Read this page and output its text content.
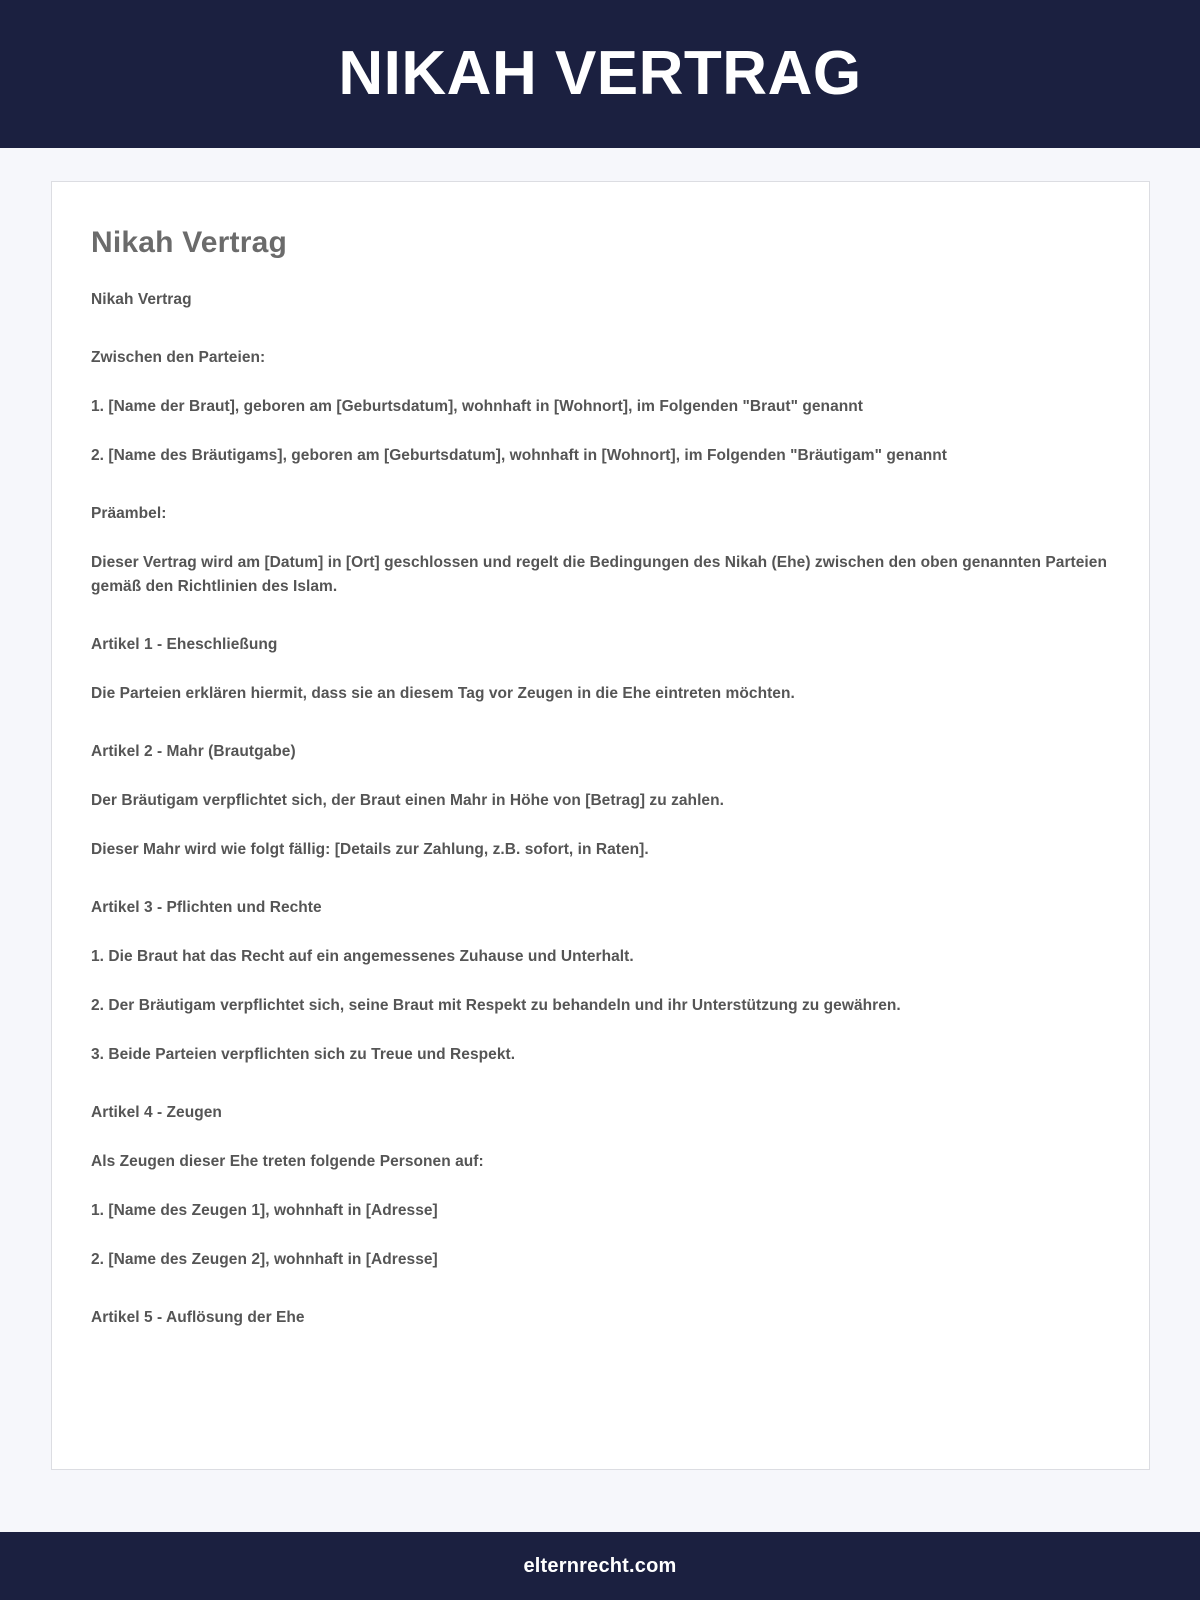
NIKAH VERTRAG
Nikah Vertrag

Nikah Vertrag

Zwischen den Parteien:

1. [Name der Braut], geboren am [Geburtsdatum], wohnhaft in [Wohnort], im Folgenden "Braut" genannt

2. [Name des Bräutigams], geboren am [Geburtsdatum], wohnhaft in [Wohnort], im Folgenden "Bräutigam" genannt

Präambel:

Dieser Vertrag wird am [Datum] in [Ort] geschlossen und regelt die Bedingungen des Nikah (Ehe) zwischen den oben genannten Parteien gemäß den Richtlinien des Islam.

Artikel 1 - Eheschließung

Die Parteien erklären hiermit, dass sie an diesem Tag vor Zeugen in die Ehe eintreten möchten.

Artikel 2 - Mahr (Brautgabe)

Der Bräutigam verpflichtet sich, der Braut einen Mahr in Höhe von [Betrag] zu zahlen.

Dieser Mahr wird wie folgt fällig: [Details zur Zahlung, z.B. sofort, in Raten].

Artikel 3 - Pflichten und Rechte

1. Die Braut hat das Recht auf ein angemessenes Zuhause und Unterhalt.

2. Der Bräutigam verpflichtet sich, seine Braut mit Respekt zu behandeln und ihr Unterstützung zu gewähren.

3. Beide Parteien verpflichten sich zu Treue und Respekt.

Artikel 4 - Zeugen

Als Zeugen dieser Ehe treten folgende Personen auf:

1. [Name des Zeugen 1], wohnhaft in [Adresse]

2. [Name des Zeugen 2], wohnhaft in [Adresse]

Artikel 5 - Auflösung der Ehe

elternrecht.com
